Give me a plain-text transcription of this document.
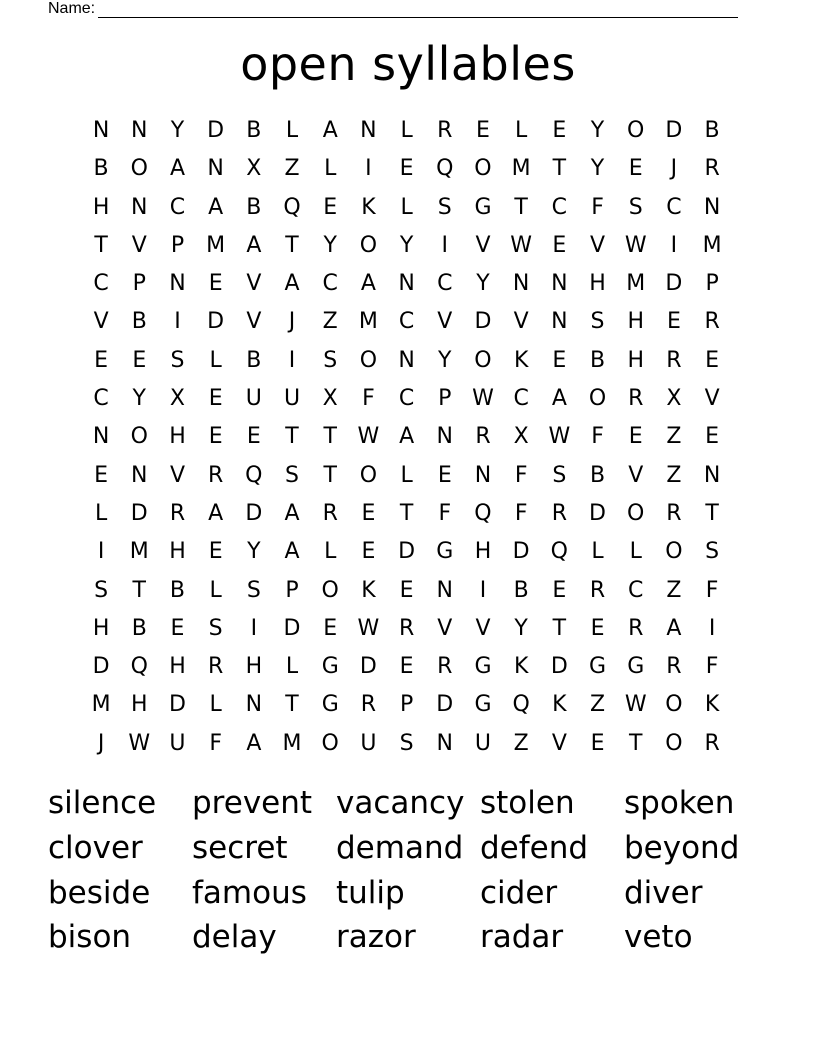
Name:
open syllables
N N	Y	D	B	L	A	N	L	R	E	L	E	Y	O D	B
B O	A	N	X	Z	L	I	E	Q O M T	Y	E	J	R
H N	C	A	B Q	E	K	L	S	G	T	C	F	S	C	N
T	V	P	M A	T	Y	O	Y	I	V W E	V W	I	M
C	P	N	E	V	A	C	A	N	C	Y	N N H M D	P
V	B	I	D	V	J	Z M C	V	D	V	N	S	H	E	R
E	E	S	L	B	I	S	O N	Y	O	K	E	B	H	R	E
C	Y	X	E	U	U	X	F	C	P W C	A O R	X	V
N O H	E	E	T	T W A	N	R	X W F	E	Z	E
E	N	V	R Q	S	T	O	L	E	N	F	S	B	V	Z	N
L	D	R	A	D	A	R	E	T	F	Q	F	R	D O R	T
I	M H	E	Y	A	L	E	D G H D Q	L	L	O	S
S	T	B	L	S	P	O	K	E	N	I	B	E	R	C	Z	F
H	B	E	S	I	D	E W R	V	V	Y	T	E	R	A	I
D Q H	R	H	L	G D	E	R	G	K	D G G	R	F
M H D	L	N	T	G	R	P	D G Q	K	Z W O	K
J	W U	F	A M O U	S	N U	Z	V	E	T	O R
silence	prevent vacancy stolen	spoken
clover	secret	demand defend	beyond
beside	famous tulip	cider	diver
bison	delay	razor	radar	veto
